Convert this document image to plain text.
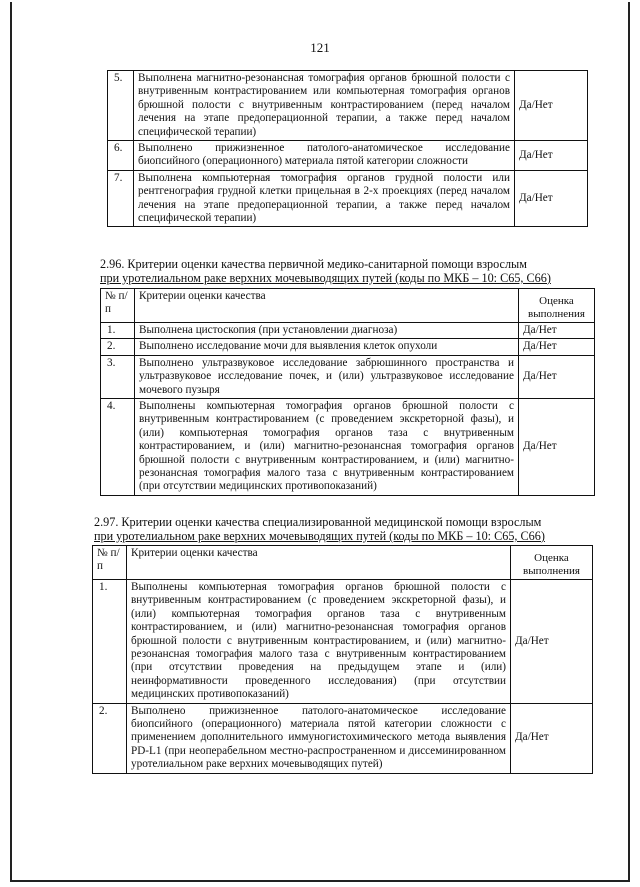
121
5.	Выполнена магнитно-резонансная томография органов брюшной полости с внутривенным контрастированием или компьютерная томография органов брюшной полости с внутривенным контрастированием (перед началом лечения на этапе предоперационной терапии, а также перед началом специфической терапии)	Да/Нет
6.	Выполнено прижизненное патолого-анатомическое исследование биопсийного (операционного) материала пятой категории сложности	Да/Нет
7.	Выполнена компьютерная томография органов грудной полости или рентгенография грудной клетки прицельная в 2-х проекциях (перед началом лечения на этапе предоперационной терапии, а также перед началом специфической терапии)	Да/Нет
2.96. Критерии оценки качества первичной медико-санитарной помощи взрослым
при уротелиальном раке верхних мочевыводящих путей (коды по МКБ – 10: С65, С66)
№ п/п	Критерии оценки качества	Оценка выполнения
1.	Выполнена цистоскопия (при установлении диагноза)	Да/Нет
2.	Выполнено исследование мочи для выявления клеток опухоли	Да/Нет
3.	Выполнено ультразвуковое исследование забрюшинного пространства и ультразвуковое исследование почек, и (или) ультразвуковое исследование мочевого пузыря	Да/Нет
4.	Выполнены компьютерная томография органов брюшной полости с внутривенным контрастированием (с проведением экскреторной фазы), и (или) компьютерная томография органов таза с внутривенным контрастированием, и (или) магнитно-резонансная томография органов брюшной полости с внутривенным контрастированием, и (или) магнитно-резонансная томография малого таза с внутривенным контрастированием (при отсутствии медицинских противопоказаний)	Да/Нет
2.97. Критерии оценки качества специализированной медицинской помощи взрослым
при уротелиальном раке верхних мочевыводящих путей (коды по МКБ – 10: С65, С66)
№ п/п	Критерии оценки качества	Оценка выполнения
1.	Выполнены компьютерная томография органов брюшной полости с внутривенным контрастированием (с проведением экскреторной фазы), и (или) компьютерная томография органов таза с внутривенным контрастированием, и (или) магнитно-резонансная томография органов брюшной полости с внутривенным контрастированием, и (или) магнитно-резонансная томография малого таза с внутривенным контрастированием (при отсутствии проведения на предыдущем этапе и (или) неинформативности проведенного исследования) (при отсутствии медицинских противопоказаний)	Да/Нет
2.	Выполнено прижизненное патолого-анатомическое исследование биопсийного (операционного) материала пятой категории сложности с применением дополнительного иммуногистохимического метода выявления PD-L1 (при неоперабельном местно-распространенном и диссеминированном уротелиальном раке верхних мочевыводящих путей)	Да/Нет
